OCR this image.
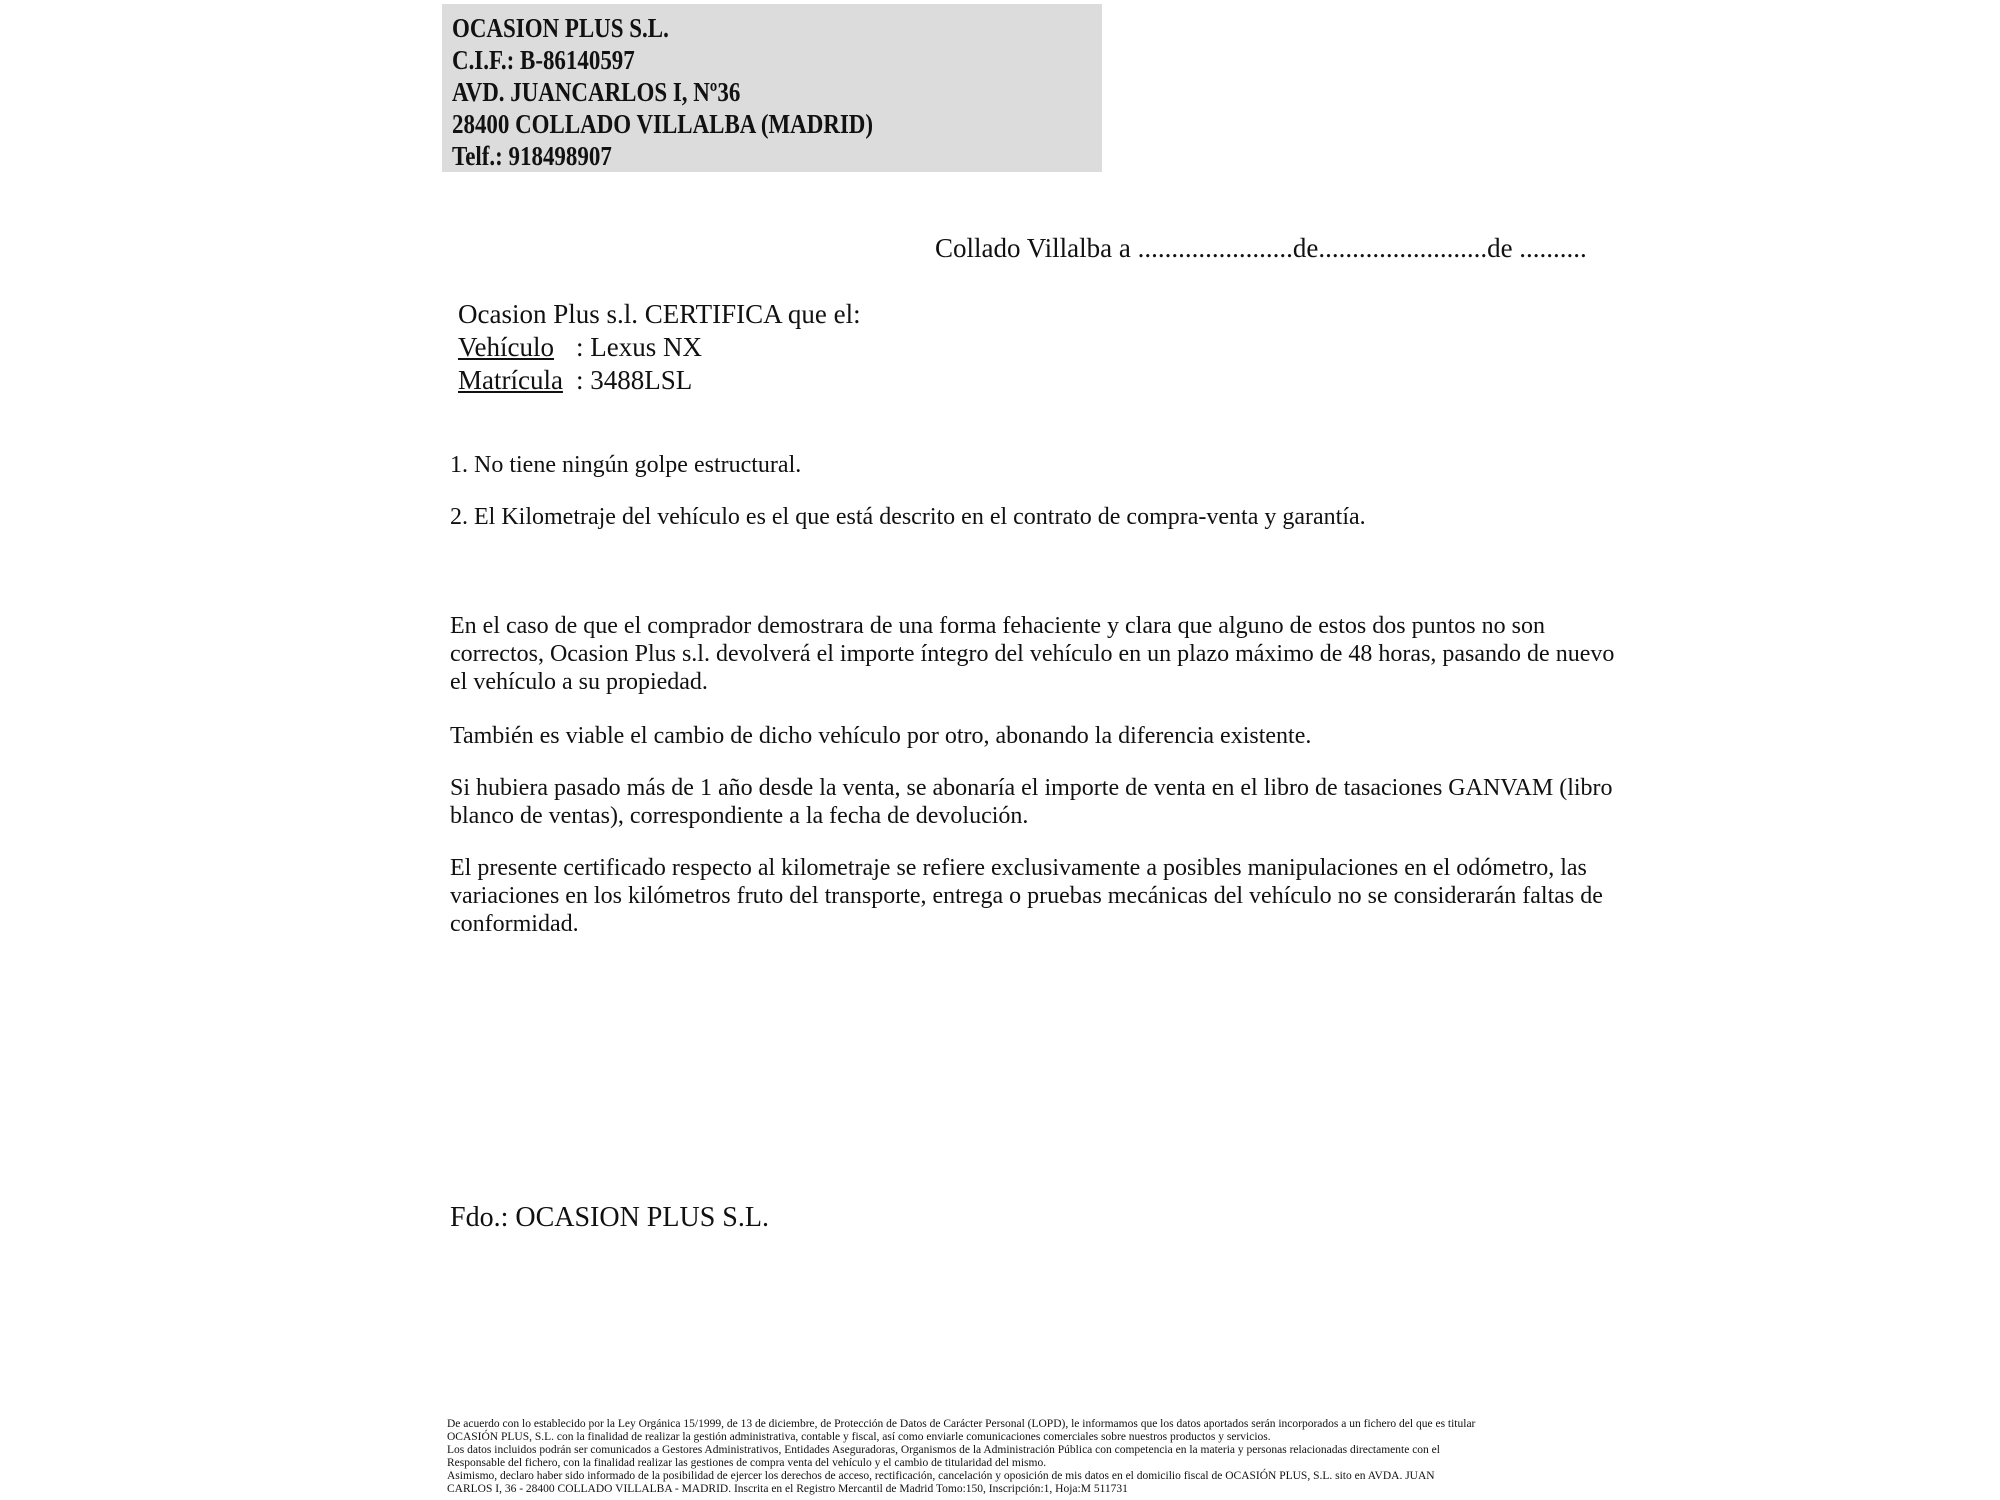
OCASION PLUS S.L.
C.I.F.: B-86140597
AVD. JUANCARLOS I, Nº36
28400 COLLADO VILLALBA (MADRID)
Telf.: 918498907
Collado Villalba a .......................de.........................de ..........
Ocasion Plus s.l. CERTIFICA que el:
Vehículo : Lexus NX
Matrícula : 3488LSL
1. No tiene ningún golpe estructural.
2. El Kilometraje del vehículo es el que está descrito en el contrato de compra-venta y garantía.
En el caso de que el comprador demostrara de una forma fehaciente y clara que alguno de estos dos puntos no son correctos, Ocasion Plus s.l. devolverá el importe íntegro del vehículo en un plazo máximo de 48 horas, pasando de nuevo el vehículo a su propiedad.
También es viable el cambio de dicho vehículo por otro, abonando la diferencia existente.
Si hubiera pasado más de 1 año desde la venta, se abonaría el importe de venta en el libro de tasaciones GANVAM (libro blanco de ventas), correspondiente a la fecha de devolución.
El presente certificado respecto al kilometraje se refiere exclusivamente a posibles manipulaciones en el odómetro, las variaciones en los kilómetros fruto del transporte, entrega o pruebas mecánicas del vehículo no se considerarán faltas de conformidad.
Fdo.: OCASION PLUS S.L.
De acuerdo con lo establecido por la Ley Orgánica 15/1999, de 13 de diciembre, de Protección de Datos de Carácter Personal (LOPD), le informamos que los datos aportados serán incorporados a un fichero del que es titular
OCASIÓN PLUS, S.L. con la finalidad de realizar la gestión administrativa, contable y fiscal, así como enviarle comunicaciones comerciales sobre nuestros productos y servicios.
Los datos incluidos podrán ser comunicados a Gestores Administrativos, Entidades Aseguradoras, Organismos de la Administración Pública con competencia en la materia y personas relacionadas directamente con el
Responsable del fichero, con la finalidad realizar las gestiones de compra venta del vehículo y el cambio de titularidad del mismo.
Asimismo, declaro haber sido informado de la posibilidad de ejercer los derechos de acceso, rectificación, cancelación y oposición de mis datos en el domicilio fiscal de OCASIÓN PLUS, S.L. sito en AVDA. JUAN
CARLOS I, 36 - 28400 COLLADO VILLALBA - MADRID. Inscrita en el Registro Mercantil de Madrid Tomo:150, Inscripción:1, Hoja:M 511731
